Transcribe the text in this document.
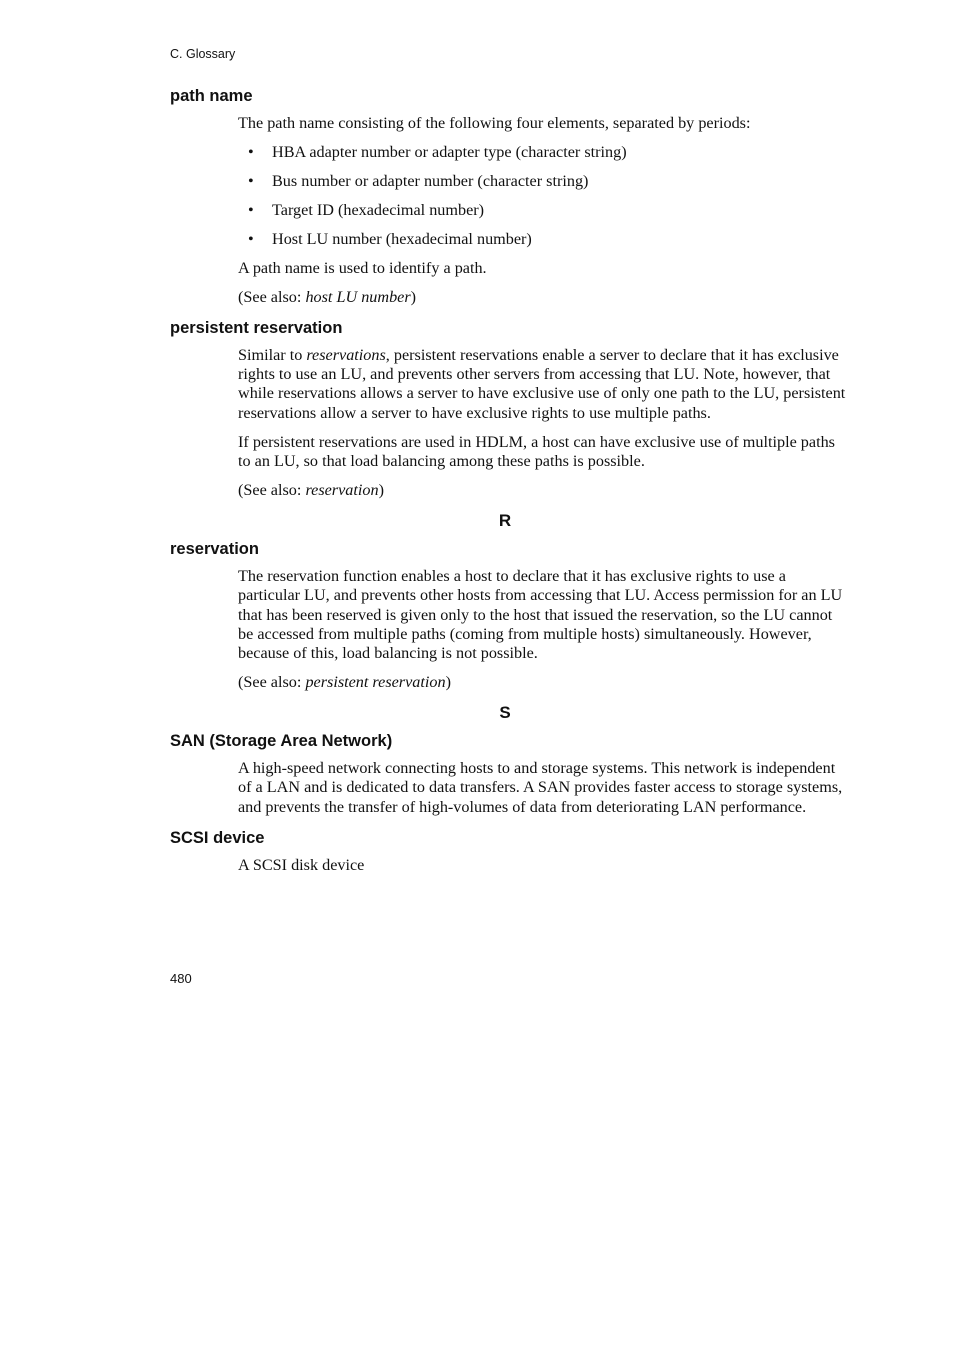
C. Glossary
path name

The path name consisting of the following four elements, separated by periods:

• HBA adapter number or adapter type (character string)
• Bus number or adapter number (character string)
• Target ID (hexadecimal number)
• Host LU number (hexadecimal number)

A path name is used to identify a path.

(See also: host LU number)

persistent reservation

Similar to reservations, persistent reservations enable a server to declare that it has exclusive rights to use an LU, and prevents other servers from accessing that LU. Note, however, that while reservations allows a server to have exclusive use of only one path to the LU, persistent reservations allow a server to have exclusive rights to use multiple paths.

If persistent reservations are used in HDLM, a host can have exclusive use of multiple paths to an LU, so that load balancing among these paths is possible.

(See also: reservation)

R
reservation

The reservation function enables a host to declare that it has exclusive rights to use a particular LU, and prevents other hosts from accessing that LU. Access permission for an LU that has been reserved is given only to the host that issued the reservation, so the LU cannot be accessed from multiple paths (coming from multiple hosts) simultaneously. However, because of this, load balancing is not possible.

(See also: persistent reservation)

S
SAN (Storage Area Network)

A high-speed network connecting hosts to and storage systems. This network is independent of a LAN and is dedicated to data transfers. A SAN provides faster access to storage systems, and prevents the transfer of high-volumes of data from deteriorating LAN performance.

SCSI device

A SCSI disk device

480
